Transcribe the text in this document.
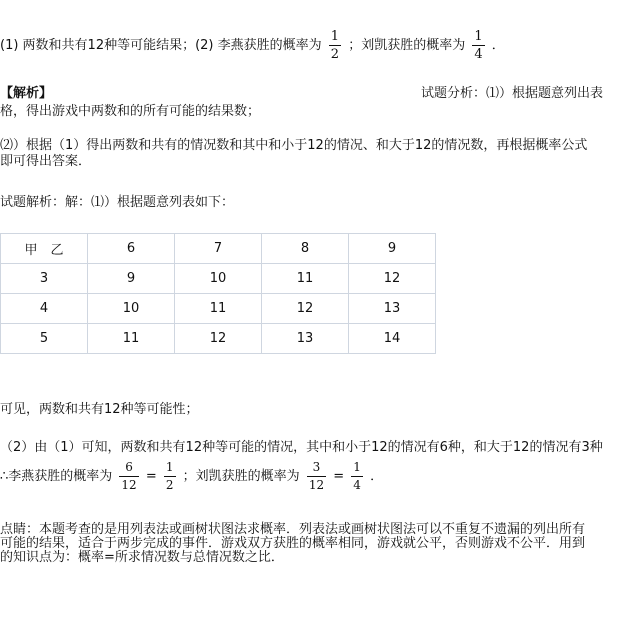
(1) 两数和共有12种等可能结果；(2) 李燕获胜的概率为 $\frac{1}{2}$ ；刘凯获胜的概率为 $\frac{1}{4}$ ．
【解析】	试题分析：⑴）根据题意列出表
格，得出游戏中两数和的所有可能的结果数；
⑵）根据（1）得出两数和共有的情况数和其中和小于12的情况、和大于12的情况数，再根据概率公式
即可得出答案．
试题解析：解：⑴）根据题意列表如下：
甲　乙	6	7	8	9
3	9	10	11	12
4	10	11	12	13
5	11	12	13	14
可见，两数和共有12种等可能性；
（2）由（1）可知，两数和共有12种等可能的情况，其中和小于12的情况有6种，和大于12的情况有3种
∴李燕获胜的概率为 $\frac{6}{12} = \frac{1}{2}$ ；刘凯获胜的概率为 $\frac{3}{12} = \frac{1}{4}$ ．
点睛：本题考查的是用列表法或画树状图法求概率．列表法或画树状图法可以不重复不遗漏的列出所有
可能的结果，适合于两步完成的事件．游戏双方获胜的概率相同，游戏就公平，否则游戏不公平．用到
的知识点为：概率=所求情况数与总情况数之比．
